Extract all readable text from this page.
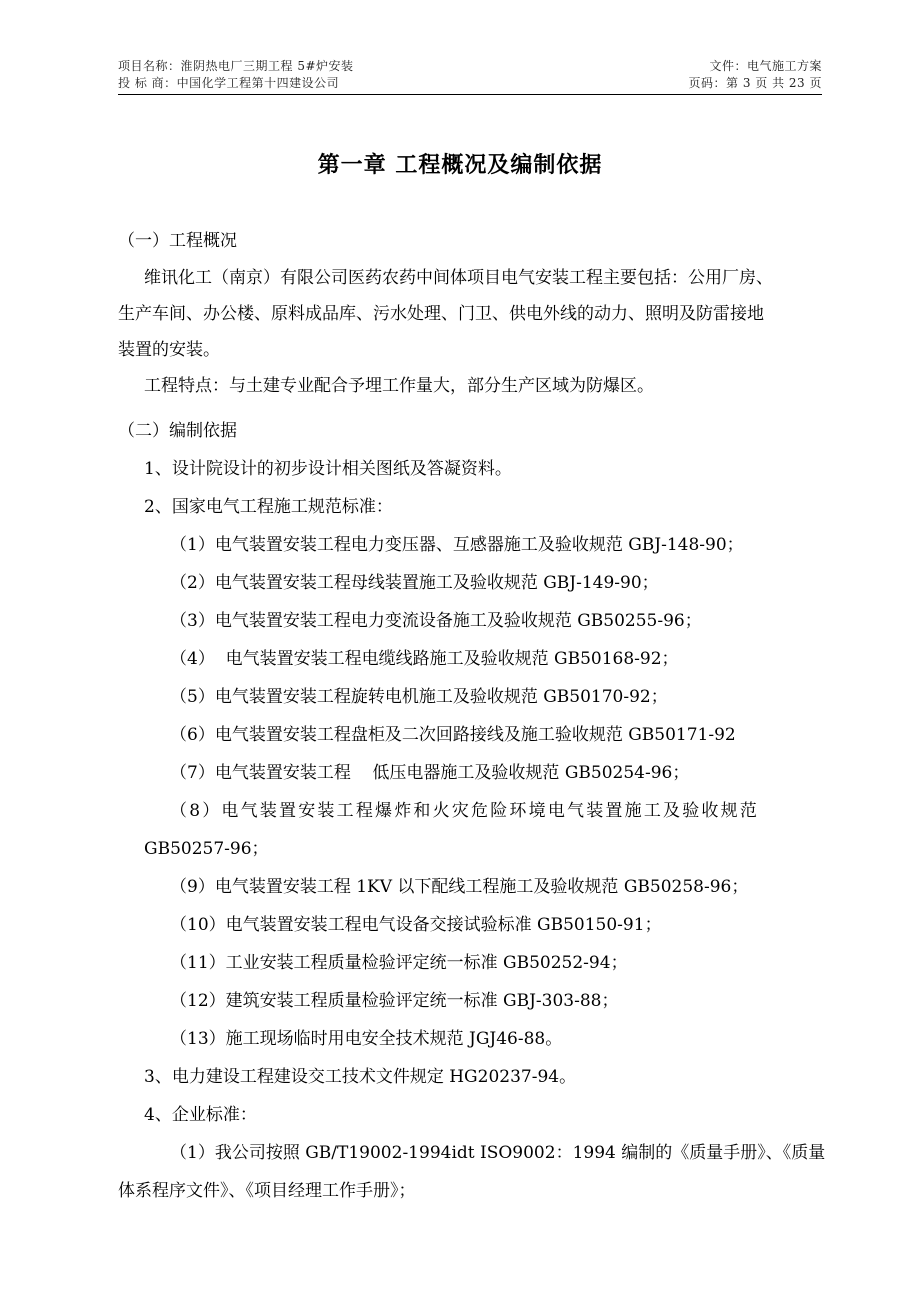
项目名称：淮阴热电厂三期工程 5#炉安装	文件：电气施工方案
投 标 商：中国化学工程第十四建设公司	页码：第 3 页 共 23 页
第一章 工程概况及编制依据
（一）工程概况
维讯化工（南京）有限公司医药农药中间体项目电气安装工程主要包括：公用厂房、
生产车间、办公楼、原料成品库、污水处理、门卫、供电外线的动力、照明及防雷接地
装置的安装。
工程特点：与土建专业配合予埋工作量大，部分生产区域为防爆区。
（二）编制依据
1、设计院设计的初步设计相关图纸及答凝资料。
2、国家电气工程施工规范标准：
（1）电气装置安装工程电力变压器、互感器施工及验收规范 GBJ-148-90；
（2）电气装置安装工程母线装置施工及验收规范 GBJ-149-90；
（3）电气装置安装工程电力变流设备施工及验收规范 GB50255-96；
（4）  电气装置安装工程电缆线路施工及验收规范 GB50168-92；
（5）电气装置安装工程旋转电机施工及验收规范 GB50170-92；
（6）电气装置安装工程盘柜及二次回路接线及施工验收规范 GB50171-92
（7）电气装置安装工程    低压电器施工及验收规范 GB50254-96；
（8）电气装置安装工程爆炸和火灾危险环境电气装置施工及验收规范
GB50257-96；
（9）电气装置安装工程 1KV 以下配线工程施工及验收规范 GB50258-96；
（10）电气装置安装工程电气设备交接试验标准 GB50150-91；
（11）工业安装工程质量检验评定统一标准 GB50252-94；
（12）建筑安装工程质量检验评定统一标准 GBJ-303-88；
（13）施工现场临时用电安全技术规范 JGJ46-88。
3、电力建设工程建设交工技术文件规定 HG20237-94。
4、企业标准：
（1）我公司按照 GB/T19002-1994idt ISO9002：1994 编制的《质量手册》、《质量
体系程序文件》、《项目经理工作手册》；
